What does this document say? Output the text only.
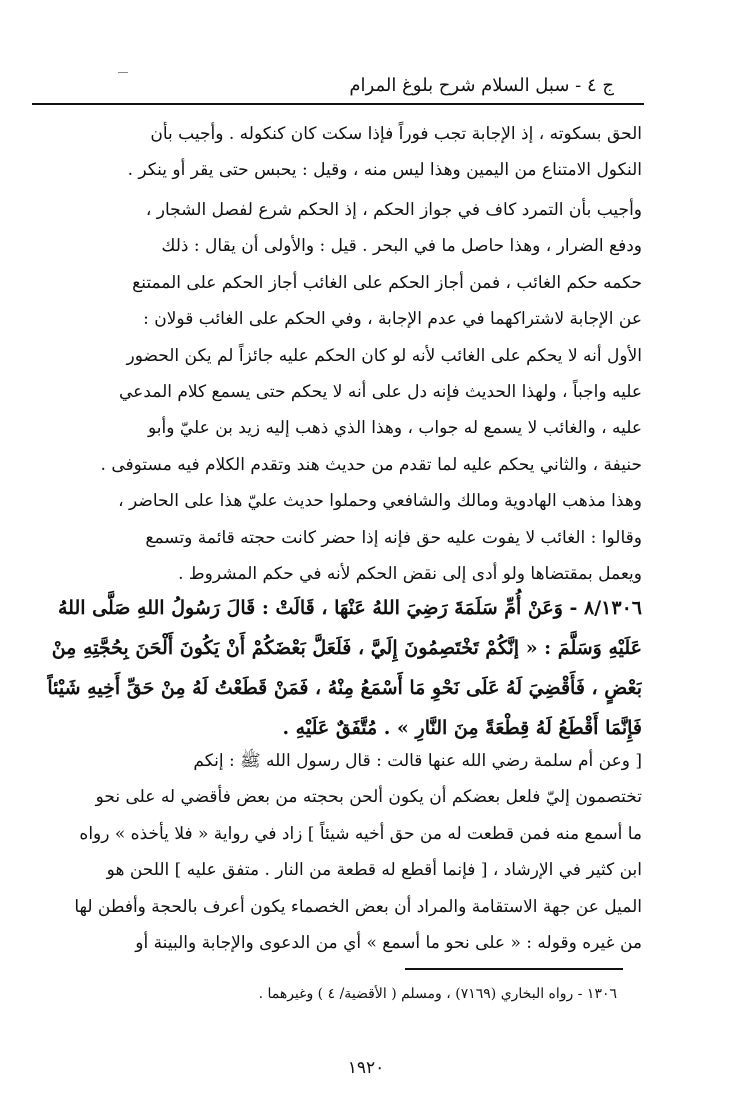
ج ٤ - سبل السلام شرح بلوغ المرام
الحق بسكوته ، إذ الإجابة تجب فوراً فإذا سكت كان كنكوله . وأجيب بأن
النكول الامتناع من اليمين وهذا ليس منه ، وقيل : يحبس حتى يقر أو ينكر .
وأجيب بأن التمرد كاف في جواز الحكم ، إذ الحكم شرع لفصل الشجار ،
ودفع الضرار ، وهذا حاصل ما في البحر . قيل : والأولى أن يقال : ذلك
حكمه حكم الغائب ، فمن أجاز الحكم على الغائب أجاز الحكم على الممتنع
عن الإجابة لاشتراكهما في عدم الإجابة ، وفي الحكم على الغائب قولان :
الأول أنه لا يحكم على الغائب لأنه لو كان الحكم عليه جائزاً لم يكن الحضور
عليه واجباً ، ولهذا الحديث فإنه دل على أنه لا يحكم حتى يسمع كلام المدعي
عليه ، والغائب لا يسمع له جواب ، وهذا الذي ذهب إليه زيد بن عليّ وأبو
حنيفة ، والثاني يحكم عليه لما تقدم من حديث هند وتقدم الكلام فيه مستوفى .
وهذا مذهب الهادوية ومالك والشافعي وحملوا حديث عليّ هذا على الحاضر ،
وقالوا : الغائب لا يفوت عليه حق فإنه إذا حضر كانت حجته قائمة وتسمع
ويعمل بمقتضاها ولو أدى إلى نقض الحكم لأنه في حكم المشروط .
٨/١٣٠٦ - وَعَنْ أُمِّ سَلَمَةَ رَضِيَ اللهُ عَنْهَا ، قَالَتْ : قَالَ رَسُولُ اللهِ صَلَّى اللهُ
عَلَيْهِ وَسَلَّمَ : « إنَّكُمْ تَخْتَصِمُونَ إِلَيَّ ، فَلَعَلَّ بَعْضَكُمْ أَنْ يَكُونَ أَلْحَنَ بِحُجَّتِهِ مِنْ
بَعْضٍ ، فَأَقْضِيَ لَهُ عَلَى نَحْوِ مَا أَسْمَعُ مِنْهُ ، فَمَنْ قَطَعْتُ لَهُ مِنْ حَقِّ أَخِيهِ شَيْئاً
فَإِنَّمَا أَقْطَعُ لَهُ قِطْعَةً مِنَ النَّارِ » . مُتَّفَقٌ عَلَيْهِ .
[ وعن أم سلمة رضي الله عنها قالت : قال رسول الله ﷺ : إنكم
تختصمون إليّ فلعل بعضكم أن يكون ألحن بحجته من بعض فأقضي له على نحو
ما أسمع منه فمن قطعت له من حق أخيه شيئاً ] زاد في رواية « فلا يأخذه » رواه
ابن كثير في الإرشاد ، [ فإنما أقطع له قطعة من النار . متفق عليه ] اللحن هو
الميل عن جهة الاستقامة والمراد أن بعض الخصماء يكون أعرف بالحجة وأفطن لها
من غيره وقوله : « على نحو ما أسمع » أي من الدعوى والإجابة والبينة أو
١٣٠٦ - رواه البخاري (٧١٦٩) ، ومسلم ( الأقضية/ ٤ ) وغيرهما .
١٩٢٠
